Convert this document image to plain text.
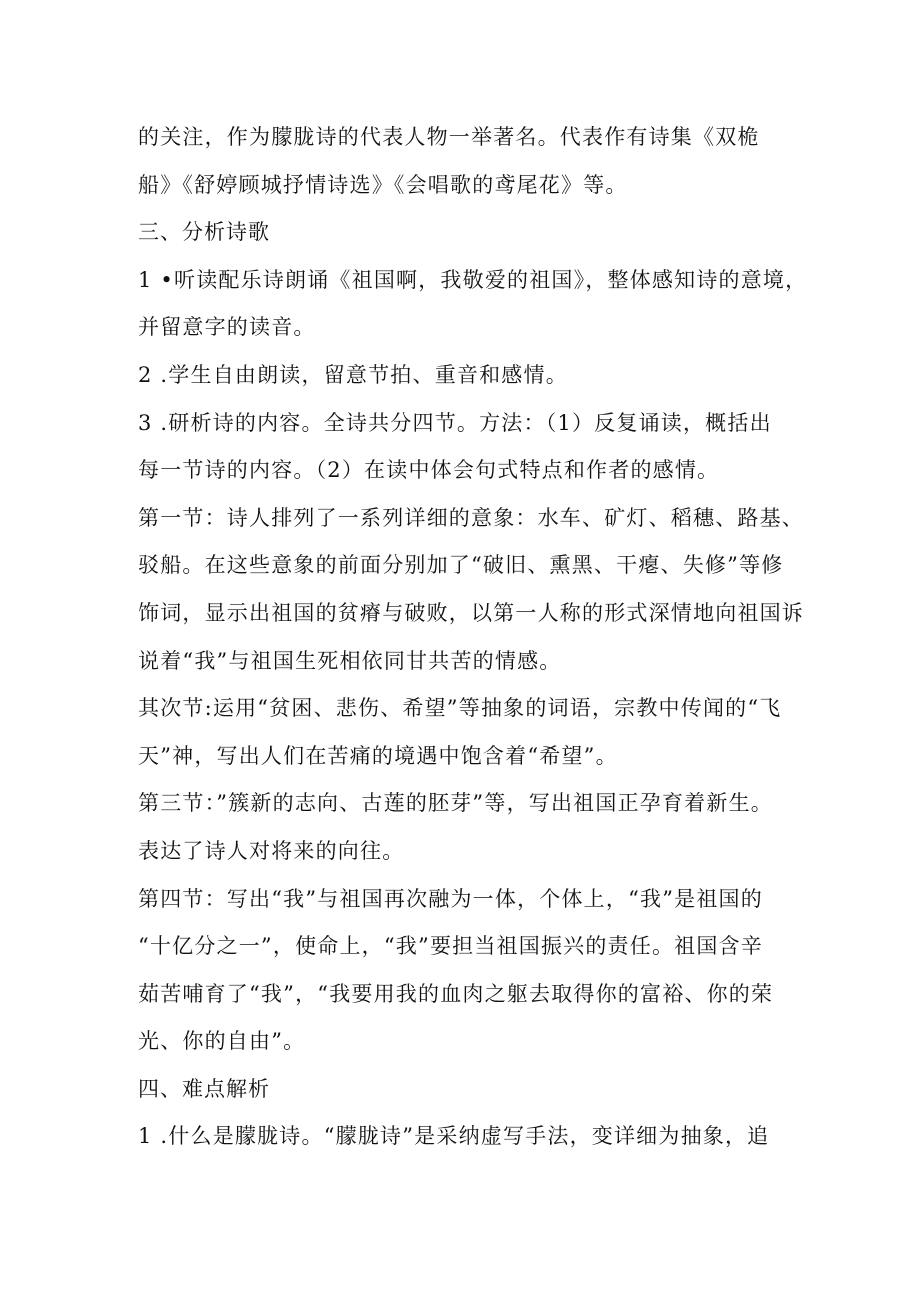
的关注，作为朦胧诗的代表人物一举著名。代表作有诗集《双桅

船》《舒婷顾城抒情诗选》《会唱歌的鸢尾花》等。

三、分析诗歌

1 •听读配乐诗朗诵《祖国啊，我敬爱的祖国》，整体感知诗的意境，

并留意字的读音。

2 .学生自由朗读，留意节拍、重音和感情。

3 .研析诗的内容。全诗共分四节。方法：（1）反复诵读，概括出

每一节诗的内容。（2）在读中体会句式特点和作者的感情。

第一节：诗人排列了一系列详细的意象：水车、矿灯、稻穗、路基、

驳船。在这些意象的前面分别加了“破旧、熏黑、干瘪、失修”等修

饰词，显示出祖国的贫瘠与破败，以第一人称的形式深情地向祖国诉

说着“我”与祖国生死相依同甘共苦的情感。

其次节:运用“贫困、悲伤、希望”等抽象的词语，宗教中传闻的“飞

天”神，写出人们在苦痛的境遇中饱含着“希望”。

第三节：”簇新的志向、古莲的胚芽”等，写出祖国正孕育着新生。

表达了诗人对将来的向往。

第四节：写出“我”与祖国再次融为一体，个体上，“我”是祖国的

“十亿分之一”，使命上，“我”要担当祖国振兴的责任。祖国含辛

茹苦哺育了“我”，“我要用我的血肉之躯去取得你的富裕、你的荣

光、你的自由”。

四、难点解析

1 .什么是朦胧诗。“朦胧诗”是采纳虚写手法，变详细为抽象，追
